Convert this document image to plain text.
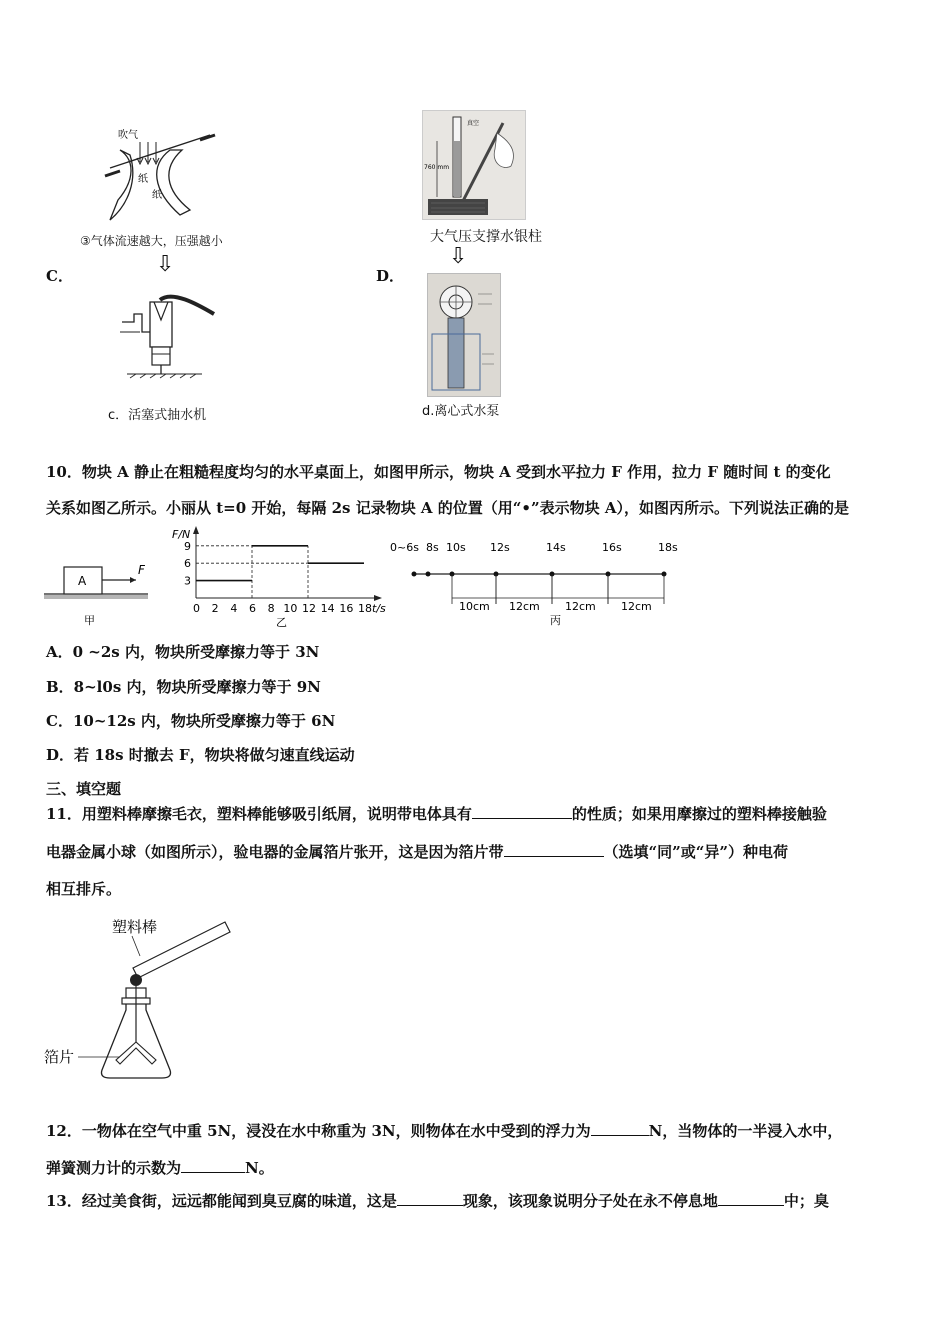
吹气
纸
纸
③气体流速越大，压强越小
C．	⇩
c．活塞式抽水机
760 mm
真空
大气压支撑水银柱
D．
⇩
d.离心式水泵
10．物块 A 静止在粗糙程度均匀的水平桌面上，如图甲所示，物块 A 受到水平拉力 F 作用，拉力 F 随时间 t 的变化
关系如图乙所示。小丽从 t=0 开始，每隔 2s 记录物块 A 的位置（用“•”表示物块 A），如图丙所示。下列说法正确的是
A
F
甲
0 2 4 6 8 10 12 14 16 18
3
6
9
F/N
t/s
乙
0~6s 8s 10s 12s	14s	16s	18s
10cm 12cm 12cm 12cm
丙
A．0 ~2s 内，物块所受摩擦力等于 3N
B．8~l0s 内，物块所受摩擦力等于 9N
C．10~12s 内，物块所受摩擦力等于 6N
D．若 18s 时撤去 F，物块将做匀速直线运动
三、填空题
11．用塑料棒摩擦毛衣，塑料棒能够吸引纸屑，说明带电体具有	的性质；如果用摩擦过的塑料棒接触验
电器金属小球（如图所示），验电器的金属箔片张开，这是因为箔片带	（选填“同”或“异”）种电荷
相互排斥。
塑料棒
箔片
12．一物体在空气中重 5N，浸没在水中称重为 3N，则物体在水中受到的浮力为	N，当物体的一半浸入水中，
弹簧测力计的示数为	N。
13．经过美食街，远远都能闻到臭豆腐的味道，这是	现象，该现象说明分子处在永不停息地	中；臭
